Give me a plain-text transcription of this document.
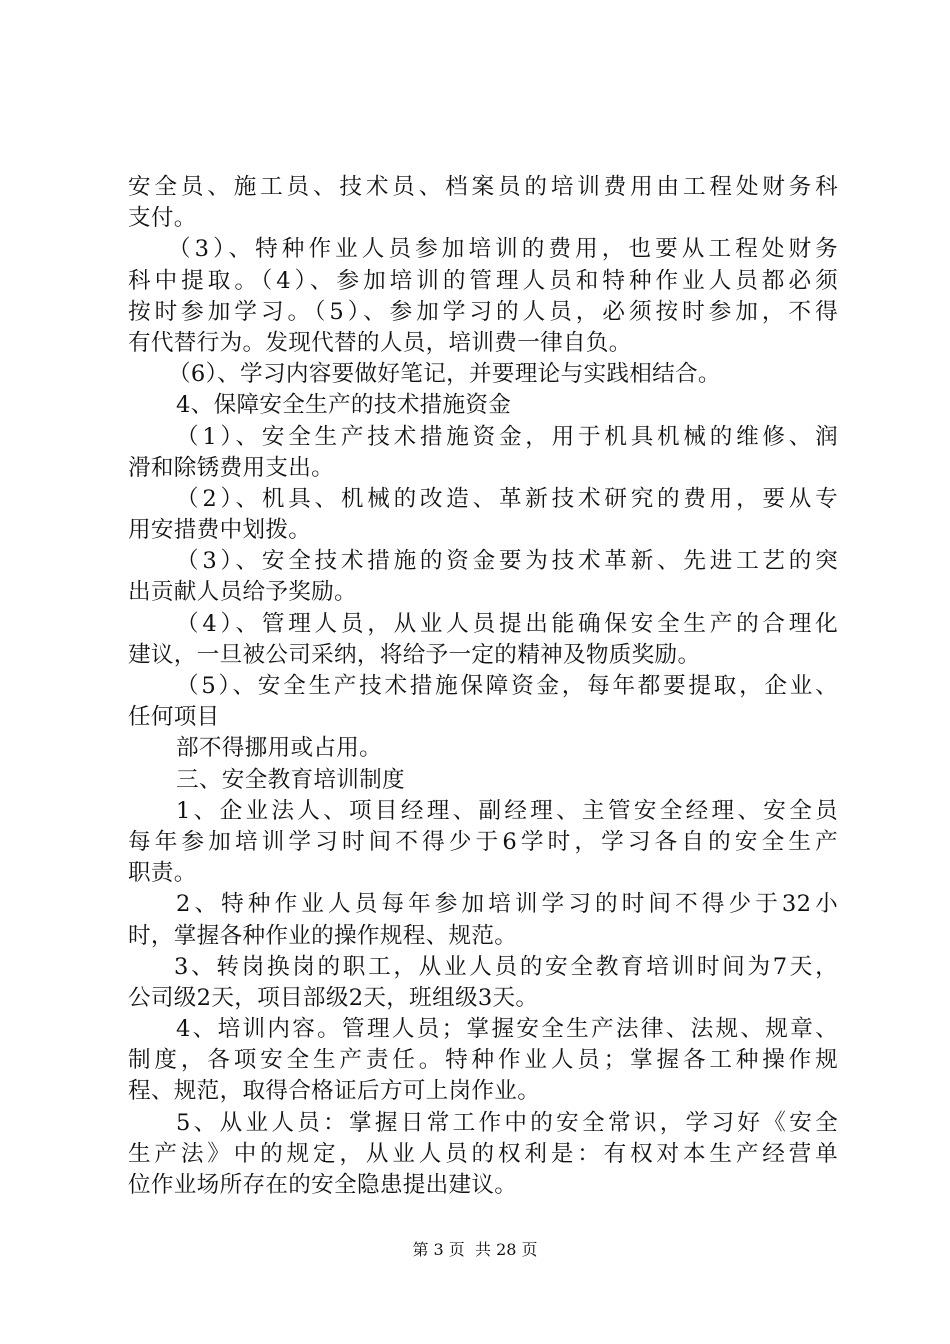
安全员、施工员、技术员、档案员的培训费用由工程处财务科
支付。
（3）、特种作业人员参加培训的费用，也要从工程处财务
科中提取。（4）、参加培训的管理人员和特种作业人员都必须
按时参加学习。（5）、参加学习的人员，必须按时参加，不得
有代替行为。发现代替的人员，培训费一律自负。
（6）、学习内容要做好笔记，并要理论与实践相结合。
4、保障安全生产的技术措施资金
（1）、安全生产技术措施资金，用于机具机械的维修、润
滑和除锈费用支出。
（2）、机具、机械的改造、革新技术研究的费用，要从专
用安措费中划拨。
（3）、安全技术措施的资金要为技术革新、先进工艺的突
出贡献人员给予奖励。
（4）、管理人员，从业人员提出能确保安全生产的合理化
建议，一旦被公司采纳，将给予一定的精神及物质奖励。
（5）、安全生产技术措施保障资金，每年都要提取，企业、
任何项目
部不得挪用或占用。
三、安全教育培训制度
1、企业法人、项目经理、副经理、主管安全经理、安全员
每年参加培训学习时间不得少于6学时，学习各自的安全生产
职责。
2、特种作业人员每年参加培训学习的时间不得少于32小
时，掌握各种作业的操作规程、规范。
3、转岗换岗的职工，从业人员的安全教育培训时间为7天，
公司级2天，项目部级2天，班组级3天。
4、培训内容。管理人员；掌握安全生产法律、法规、规章、
制度，各项安全生产责任。特种作业人员；掌握各工种操作规
程、规范，取得合格证后方可上岗作业。
5、从业人员：掌握日常工作中的安全常识，学习好《安全
生产法》中的规定，从业人员的权利是：有权对本生产经营单
位作业场所存在的安全隐患提出建议。
第 3 页 共 28 页
